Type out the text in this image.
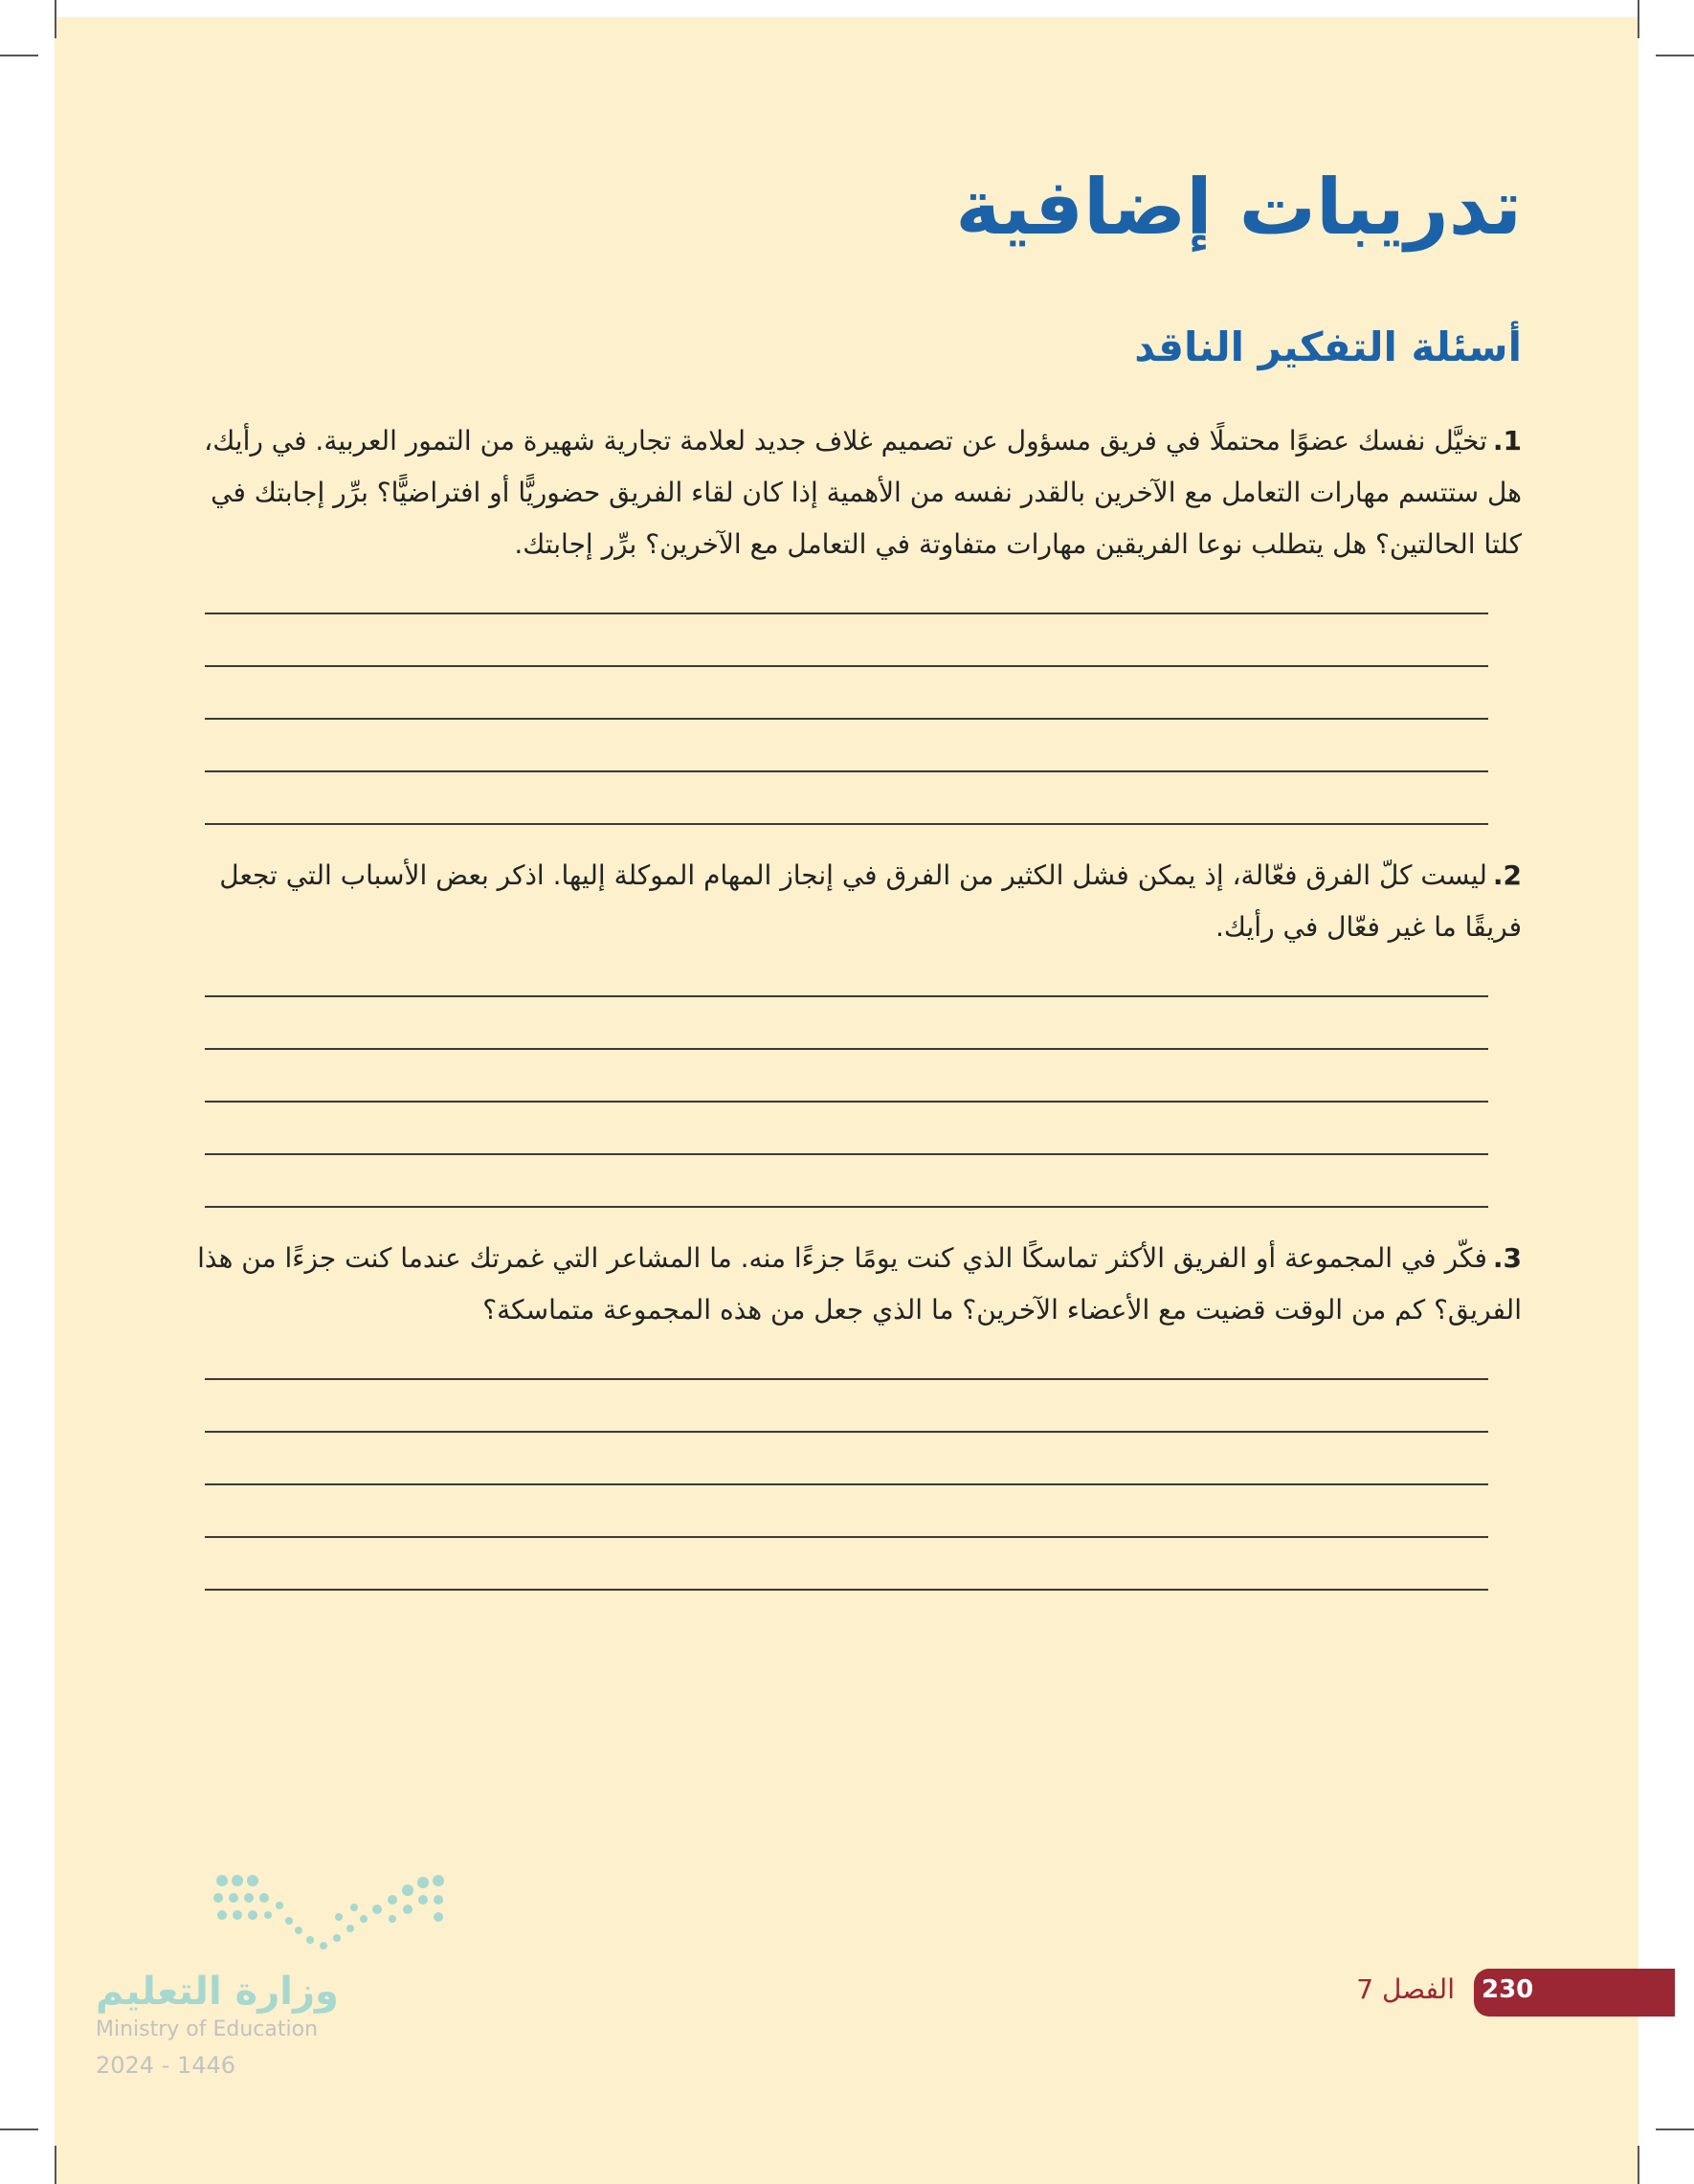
تدريبات إضافية
أسئلة التفكير الناقد
1.تخيَّل نفسك عضوًا محتملًا في فريق مسؤول عن تصميم غلاف جديد لعلامة تجارية شهيرة من التمور العربية. في رأيك، هل ستتسم مهارات التعامل مع الآخرين بالقدر نفسه من الأهمية إذا كان لقاء الفريق حضوريًّا أو افتراضيًّا؟ برِّر إجابتك في كلتا الحالتين؟ هل يتطلب نوعا الفريقين مهارات متفاوتة في التعامل مع الآخرين؟ برِّر إجابتك.
2.ليست كلّ الفرق فعّالة، إذ يمكن فشل الكثير من الفرق في إنجاز المهام الموكلة إليها. اذكر بعض الأسباب التي تجعل فريقًا ما غير فعّال في رأيك.
3.فكّر في المجموعة أو الفريق الأكثر تماسكًا الذي كنت يومًا جزءًا منه. ما المشاعر التي غمرتك عندما كنت جزءًا من هذا الفريق؟ كم من الوقت قضيت مع الأعضاء الآخرين؟ ما الذي جعل من هذه المجموعة متماسكة؟

وزارة التعليم

Ministry of Education

2024 - 1446

230

الفصل 7
